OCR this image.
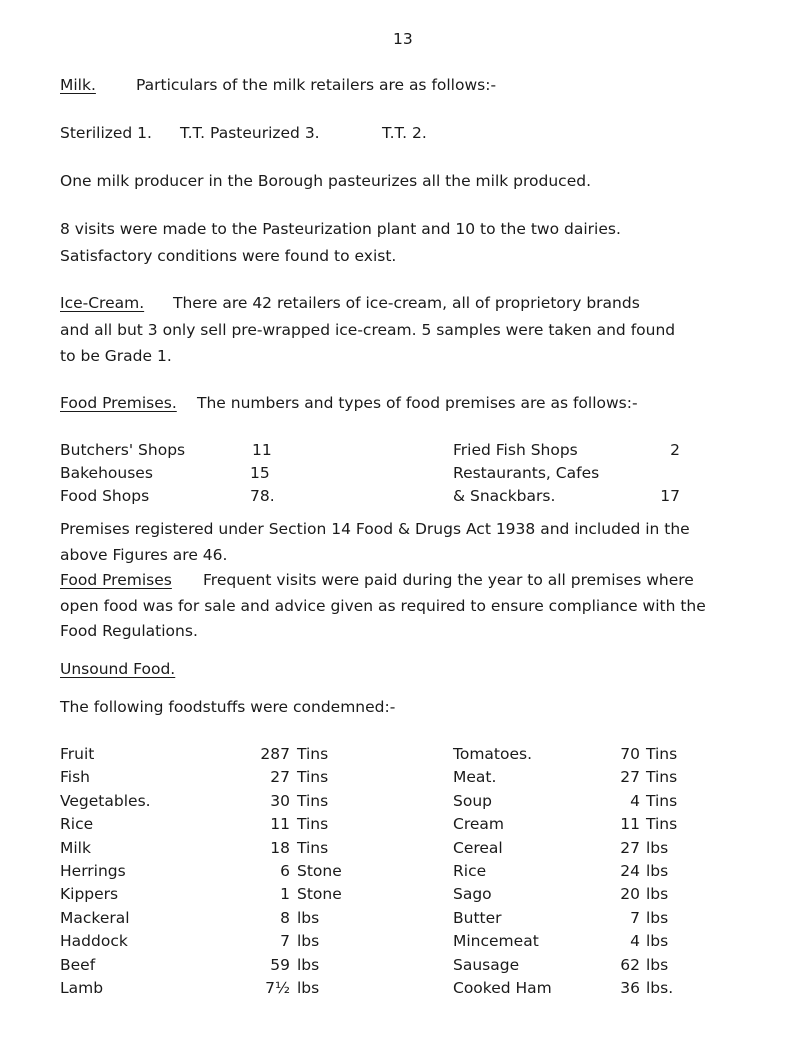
13
Milk.	Particulars of the milk retailers are as follows:-
Sterilized 1. T.T. Pasteurized 3.	T.T. 2.
One milk producer in the Borough pasteurizes all the milk produced.
8 visits were made to the Pasteurization plant and 10 to the two dairies.
Satisfactory conditions were found to exist.
Ice-Cream. There are 42 retailers of ice-cream, all of proprietory brands
and all but 3 only sell pre-wrapped ice-cream. 5 samples were taken and found
to be Grade 1.
Food Premises. The numbers and types of food premises are as follows:-
Butchers' Shops	11
Bakehouses	15
Food Shops	78.
Fried Fish Shops	2
Restaurants, Cafes
& Snackbars.	17
Premises registered under Section 14 Food & Drugs Act 1938 and included in the
above Figures are 46.
Food Premises Frequent visits were paid during the year to all premises where
open food was for sale and advice given as required to ensure compliance with the
Food Regulations.
Unsound Food.
The following foodstuffs were condemned:-
Fruit	287 Tins
Fish	27 Tins
Vegetables.	30 Tins
Rice	11 Tins
Milk	18 Tins
Herrings	6 Stone
Kippers	1 Stone
Mackeral	8 lbs
Haddock	7 lbs
Beef	59 lbs
Lamb	7½ lbs
Tomatoes.	70 Tins
Meat.	27 Tins
Soup	4 Tins
Cream	11 Tins
Cereal	27 lbs
Rice	24 lbs
Sago	20 lbs
Butter	7 lbs
Mincemeat	4 lbs
Sausage	62 lbs
Cooked Ham	36 lbs.
